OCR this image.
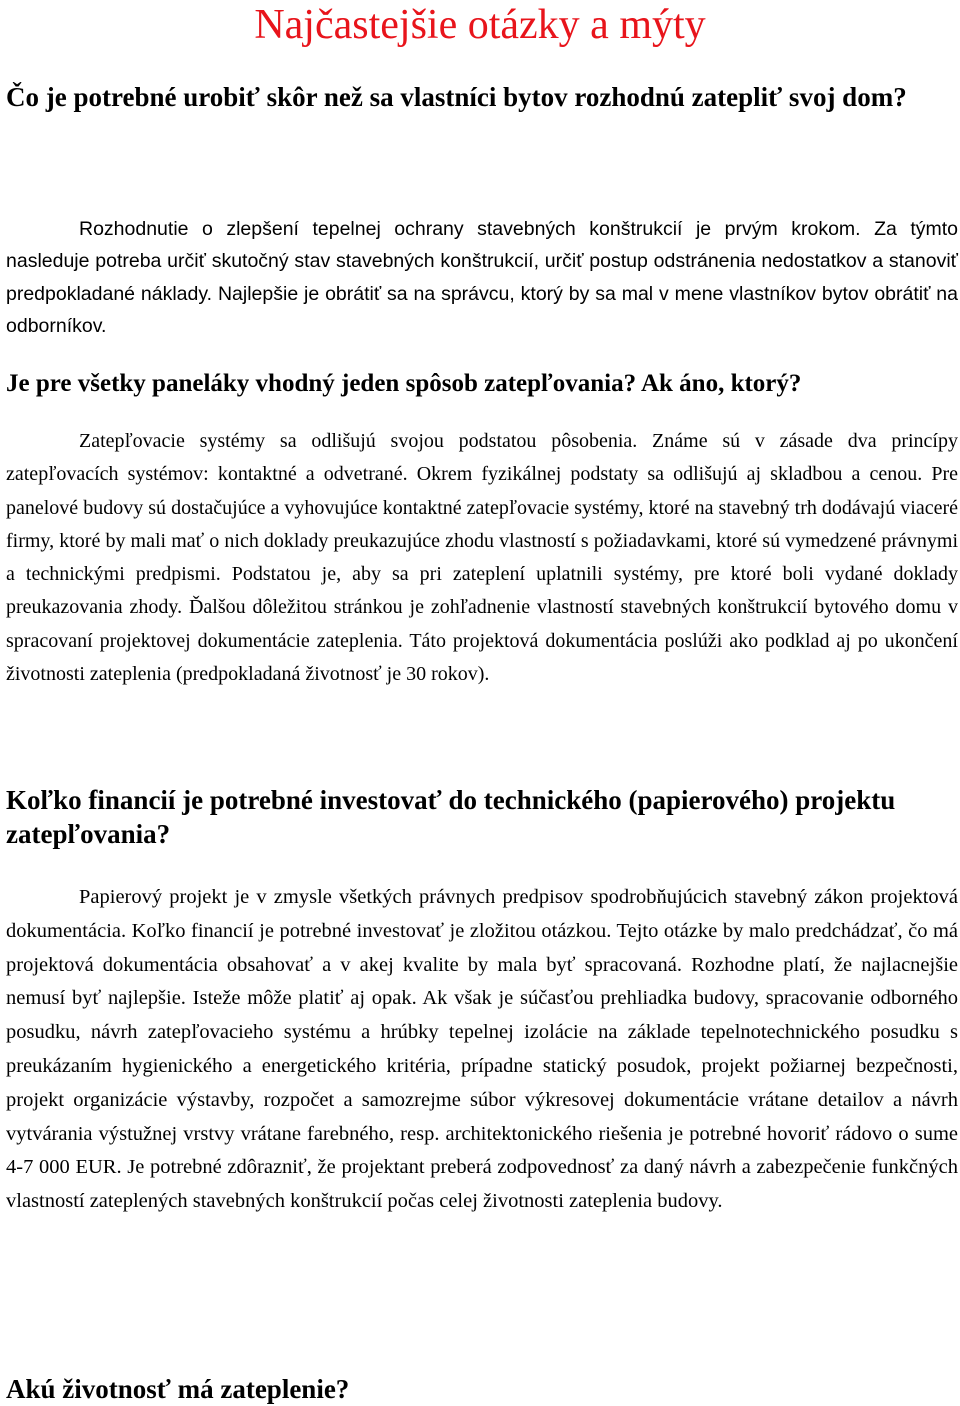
Najčastejšie otázky a mýty
Čo je potrebné urobiť skôr než sa vlastníci bytov rozhodnú zatepliť svoj dom?

Rozhodnutie o zlepšení tepelnej ochrany stavebných konštrukcií je prvým krokom. Za týmto nasleduje potreba určiť skutočný stav stavebných konštrukcií, určiť postup odstránenia nedostatkov a stanoviť predpokladané náklady. Najlepšie je obrátiť sa na správcu, ktorý by sa mal v mene vlastníkov bytov obrátiť na odborníkov.

Je pre všetky paneláky vhodný jeden spôsob zatepľovania? Ak áno, ktorý?

Zatepľovacie systémy sa odlišujú svojou podstatou pôsobenia. Známe sú v zásade dva princípy zatepľovacích systémov: kontaktné a odvetrané. Okrem fyzikálnej podstaty sa odlišujú aj skladbou a cenou. Pre panelové budovy sú dostačujúce a vyhovujúce kontaktné zatepľovacie systémy, ktoré na stavebný trh dodávajú viaceré firmy, ktoré by mali mať o nich doklady preukazujúce zhodu vlastností s požiadavkami, ktoré sú vymedzené právnymi a technickými predpismi. Podstatou je, aby sa pri zateplení uplatnili systémy, pre ktoré boli vydané doklady preukazovania zhody. Ďalšou dôležitou stránkou je zohľadnenie vlastností stavebných konštrukcií bytového domu v spracovaní projektovej dokumentácie zateplenia. Táto projektová dokumentácia poslúži ako podklad aj po ukončení životnosti zateplenia (predpokladaná životnosť je 30 rokov).

Koľko financií je potrebné investovať do technického (papierového) projektu zatepľovania?

Papierový projekt je v zmysle všetkých právnych predpisov spodrobňujúcich stavebný zákon projektová dokumentácia. Koľko financií je potrebné investovať je zložitou otázkou. Tejto otázke by malo predchádzať, čo má projektová dokumentácia obsahovať a v akej kvalite by mala byť spracovaná. Rozhodne platí, že najlacnejšie nemusí byť najlepšie. Isteže môže platiť aj opak. Ak však je súčasťou prehliadka budovy, spracovanie odborného posudku, návrh zatepľovacieho systému a hrúbky tepelnej izolácie na základe tepelnotechnického posudku s preukázaním hygienického a energetického kritéria, prípadne statický posudok, projekt požiarnej bezpečnosti, projekt organizácie výstavby, rozpočet a samozrejme súbor výkresovej dokumentácie vrátane detailov a návrh vytvárania výstužnej vrstvy vrátane farebného, resp. architektonického riešenia je potrebné hovoriť rádovo o sume 4-7 000 EUR. Je potrebné zdôrazniť, že projektant preberá zodpovednosť za daný návrh a zabezpečenie funkčných vlastností zateplených stavebných konštrukcií počas celej životnosti zateplenia budovy.

Akú životnosť má zateplenie?
